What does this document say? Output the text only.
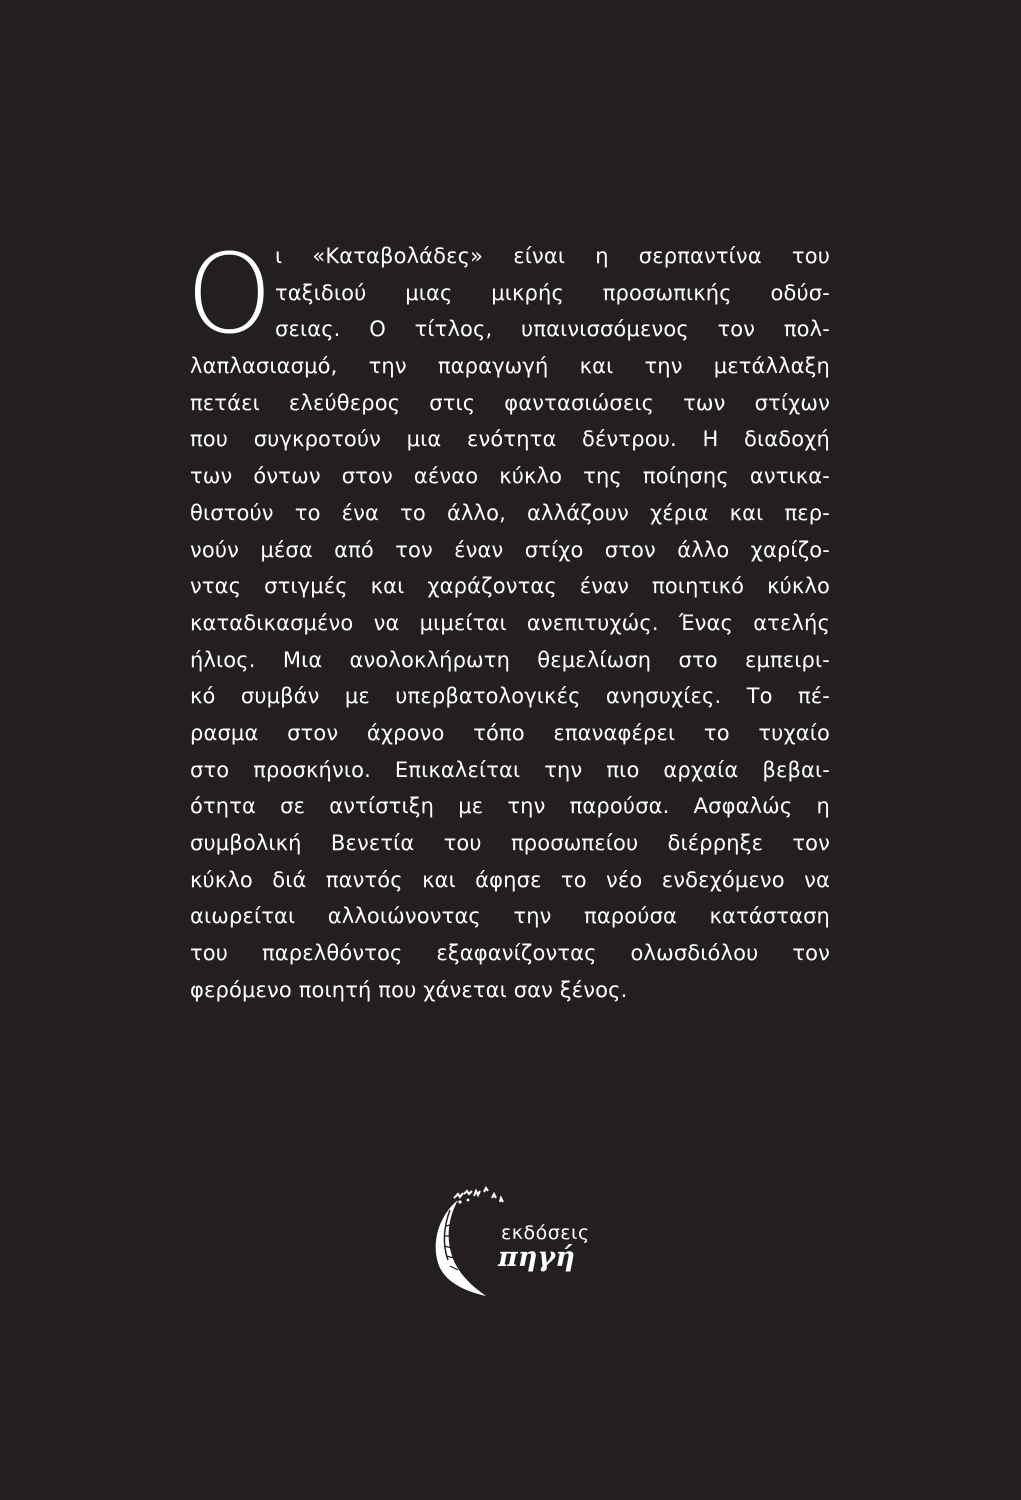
Ο ι «Καταβολάδες» είναι η σερπαντίνα του
ταξιδιού μιας μικρής προσωπικής οδύσ-
σειας. Ο τίτλος, υπαινισσόμενος τον πολ-
λαπλασιασμό, την παραγωγή και την μετάλλαξη
πετάει ελεύθερος στις φαντασιώσεις των στίχων
που συγκροτούν μια ενότητα δέντρου. Η διαδοχή
των όντων στον αέναο κύκλο της ποίησης αντικα-
θιστούν το ένα το άλλο, αλλάζουν χέρια και περ-
νούν μέσα από τον έναν στίχο στον άλλο χαρίζο-
ντας στιγμές και χαράζοντας έναν ποιητικό κύκλο
καταδικασμένο να μιμείται ανεπιτυχώς. Ένας ατελής
ήλιος. Μια ανολοκλήρωτη θεμελίωση στο εμπειρι-
κό συμβάν με υπερβατολογικές ανησυχίες. Το πέ-
ρασμα στον άχρονο τόπο επαναφέρει το τυχαίο
στο προσκήνιο. Επικαλείται την πιο αρχαία βεβαι-
ότητα σε αντίστιξη με την παρούσα. Ασφαλώς η
συμβολική Βενετία του προσωπείου διέρρηξε τον
κύκλο διά παντός και άφησε το νέο ενδεχόμενο να
αιωρείται αλλοιώνοντας την παρούσα κατάσταση
του παρελθόντος εξαφανίζοντας ολωσδιόλου τον
φερόμενο ποιητή που χάνεται σαν ξένος.
εκδόσεις
πηγή
